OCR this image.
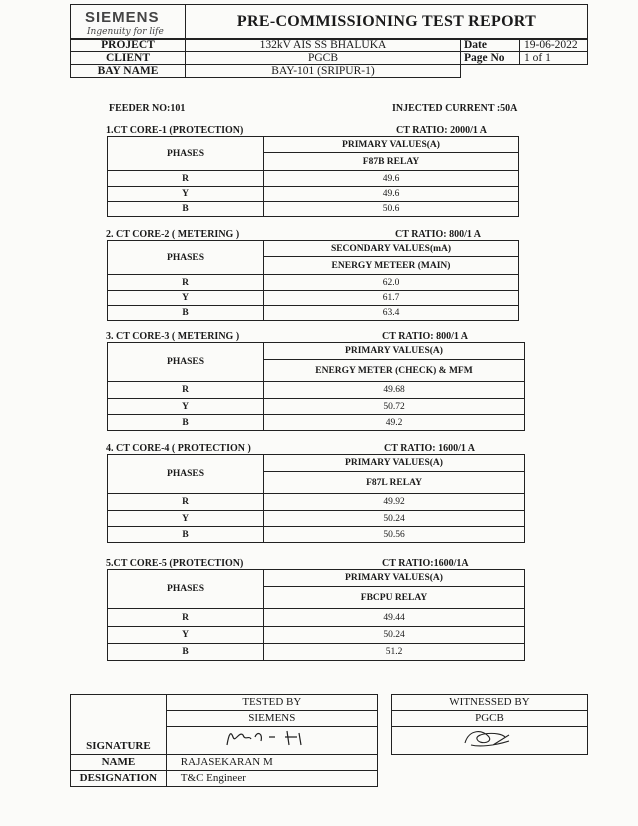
SIEMENS
Ingenuity for life
	PRE-COMMISSIONING TEST REPORT
PROJECT	132kV AIS SS BHALUKA	Date	19-06-2022
CLIENT	PGCB	Page No	1 of 1
BAY NAME	BAY-101 (SRIPUR-1)		
FEEDER NO:101	INJECTED CURRENT :50A
1.CT CORE-1 (PROTECTION)	CT RATIO: 2000/1 A
PHASES	PRIMARY VALUES(A)
	F87B RELAY
R	49.6
Y	49.6
B	50.6
2. CT CORE-2 ( METERING )	CT RATIO: 800/1 A
PHASES	SECONDARY VALUES(mA)
	ENERGY METEER (MAIN)
R	62.0
Y	61.7
B	63.4
3. CT CORE-3 ( METERING )	CT RATIO: 800/1 A
PHASES	PRIMARY VALUES(A)
	ENERGY METER (CHECK) & MFM
R	49.68
Y	50.72
B	49.2
4. CT CORE-4 ( PROTECTION )	CT RATIO: 1600/1 A
PHASES	PRIMARY VALUES(A)
	F87L RELAY
R	49.92
Y	50.24
B	50.56
5.CT CORE-5 (PROTECTION)	CT RATIO:1600/1A
PHASES	PRIMARY VALUES(A)
	FBCPU RELAY
R	49.44
Y	50.24
B	51.2
	TESTED BY		WITNESSED BY
	SIEMENS		PGCB
SIGNATURE			
NAME	RAJASEKARAN M		
DESIGNATION	T&C Engineer		
